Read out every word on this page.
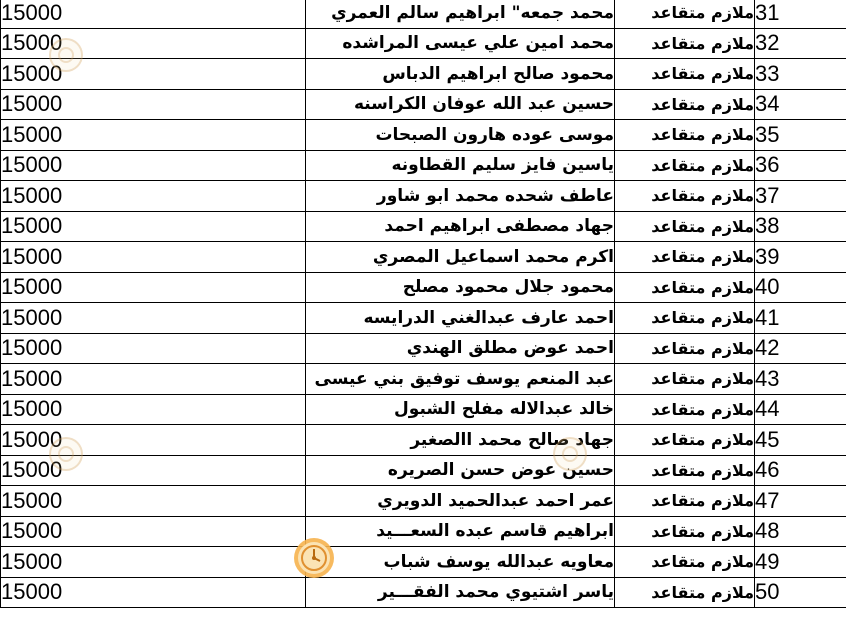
15000	محمد جمعه" ابراهيم سالم العمري	ملازم متقاعد	31
15000	محمد امين علي عيسى المراشده	ملازم متقاعد	32
15000	محمود صالح ابراهيم الدباس	ملازم متقاعد	33
15000	حسين عبد الله عوفان الكراسنه	ملازم متقاعد	34
15000	موسى عوده هارون الصبحات	ملازم متقاعد	35
15000	ياسين فايز سليم القطاونه	ملازم متقاعد	36
15000	عاطف شحده محمد ابو شاور	ملازم متقاعد	37
15000	جهاد مصطفى ابراهيم احمد	ملازم متقاعد	38
15000	اكرم محمد اسماعيل المصري	ملازم متقاعد	39
15000	محمود جلال محمود مصلح	ملازم متقاعد	40
15000	احمد عارف عبدالغني الدرايسه	ملازم متقاعد	41
15000	احمد عوض مطلق الهندي	ملازم متقاعد	42
15000	عبد المنعم يوسف توفيق بني عيسى	ملازم متقاعد	43
15000	خالد عبدالاله مفلح الشبول	ملازم متقاعد	44
15000	جهاد صالح محمد االصغير	ملازم متقاعد	45
15000	حسين عوض حسن الصريره	ملازم متقاعد	46
15000	عمر احمد عبدالحميد الدويري	ملازم متقاعد	47
15000	ابراهيم قاسم عبده السعـــيد	ملازم متقاعد	48
15000	معاويه عبدالله يوسف شباب	ملازم متقاعد	49
15000	ياسر اشتيوي محمد الفقـــير	ملازم متقاعد	50
